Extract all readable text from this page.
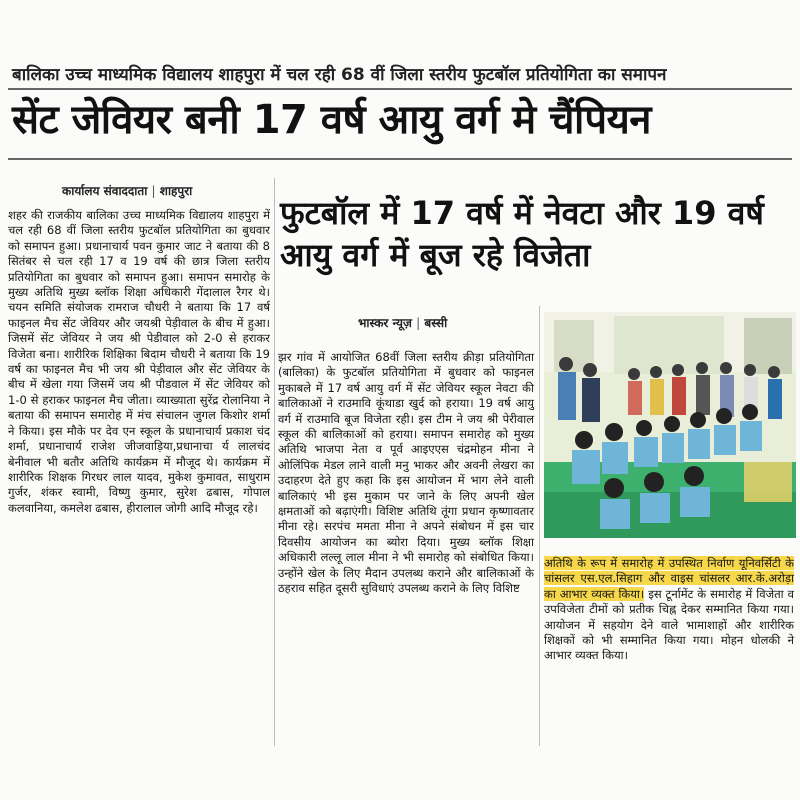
बालिका उच्च माध्यमिक विद्यालय शाहपुरा में चल रही 68 वीं जिला स्तरीय फुटबॉल प्रतियोगिता का समापन
सेंट जेवियर बनी 17 वर्ष आयु वर्ग मे चैंपियन
कार्यालय संवाददाता | शाहपुरा

शहर की राजकीय बालिका उच्च माध्यमिक विद्यालय शाहपुरा में चल रही 68 वीं जिला स्तरीय फुटबॉल प्रतियोगिता का बुधवार को समापन हुआ। प्रधानाचार्य पवन कुमार जाट ने बताया की 8 सितंबर से चल रही 17 व 19 वर्ष की छात्र जिला स्तरीय प्रतियोगिता का बुधवार को समापन हुआ। समापन समारोह के मुख्य अतिथि मुख्य ब्लॉक शिक्षा अधिकारी गेंदालाल रैगर थे। चयन समिति संयोजक रामराज चौधरी ने बताया कि 17 वर्ष फाइनल मैच सेंट जेवियर और जयश्री पेड़ीवाल के बीच में हुआ। जिसमें सेंट जेवियर ने जय श्री पेडीवाल को 2-0 से हराकर विजेता बना। शारीरिक शिक्षिका बिदाम चौधरी ने बताया कि 19 वर्ष का फाइनल मैच भी जय श्री पेड़ीवाल और सेंट जेवियर के बीच में खेला गया जिसमें जय श्री पौडवाल में सेंट जेवियर को 1-0 से हराकर फाइनल मैच जीता। व्याख्याता सुरेंद्र रोलानिया ने बताया की समापन समारोह में मंच संचालन जुगल किशोर शर्मा ने किया। इस मौके पर देव एन स्कूल के प्रधानाचार्य प्रकाश चंद शर्मा, प्रधानाचार्य राजेश जीजवाड़िया,प्रधानाचा र्य लालचंद बेनीवाल भी बतौर अतिथि कार्यक्रम में मौजूद थे। कार्यक्रम में शारीरिक शिक्षक गिरधर लाल यादव, मुकेश कुमावत, साधुराम गुर्जर, शंकर स्वामी, विष्णु कुमार, सुरेश ढबास, गोपाल कलवानिया, कमलेश ढबास, हीरालाल जोगी आदि मौजूद रहे।

फुटबॉल में 17 वर्ष में नेवटा और 19 वर्ष आयु वर्ग में बूज रहे विजेता
भास्कर न्यूज़ | बस्सी

झर गांव में आयोजित 68वीं जिला स्तरीय क्रीड़ा प्रतियोगिता (बालिका) के फुटबॉल प्रतियोगिता में बुधवार को फाइनल मुकाबले में 17 वर्ष आयु वर्ग में सेंट जेवियर स्कूल नेवटा की बालिकाओं ने राउमावि कूंथाडा खुर्द को हराया। 19 वर्ष आयु वर्ग में राउमावि बूज विजेता रही। इस टीम ने जय श्री पेरीवाल स्कूल की बालिकाओं को हराया। समापन समारोह को मुख्य अतिथि भाजपा नेता व पूर्व आइएएस चंद्रमोहन मीना ने ओलिंपिक मेडल लाने वाली मनु भाकर और अवनी लेखरा का उदाहरण देते हुए कहा कि इस आयोजन में भाग लेने वाली बालिकाएं भी इस मुकाम पर जाने के लिए अपनी खेल क्षमताओं को बढ़ाएंगी। विशिष्ट अतिथि तूंगा प्रधान कृष्णावतार मीना रहे। सरपंच ममता मीना ने अपने संबोधन में इस चार दिवसीय आयोजन का ब्योरा दिया। मुख्य ब्लॉक शिक्षा अधिकारी लल्लू लाल मीना ने भी समारोह को संबोधित किया। उन्होंने खेल के लिए मैदान उपलब्ध कराने और बालिकाओं के ठहराव सहित दूसरी सुविधाएं उपलब्ध कराने के लिए विशिष्ट

अतिथि के रूप में समारोह में उपस्थित निर्वाण यूनिवर्सिटी के चांसलर एस.एल.सिहाग और वाइस चांसलर आर.के.अरोड़ा का आभार व्यक्त किया। इस टूर्नामेंट के समारोह में विजेता व उपविजेता टीमों को प्रतीक चिह्न देकर सम्मानित किया गया। आयोजन में सहयोग देने वाले भामाशाहों और शारीरिक शिक्षकों को भी सम्मानित किया गया। मोहन धोलकी ने आभार व्यक्त किया।
